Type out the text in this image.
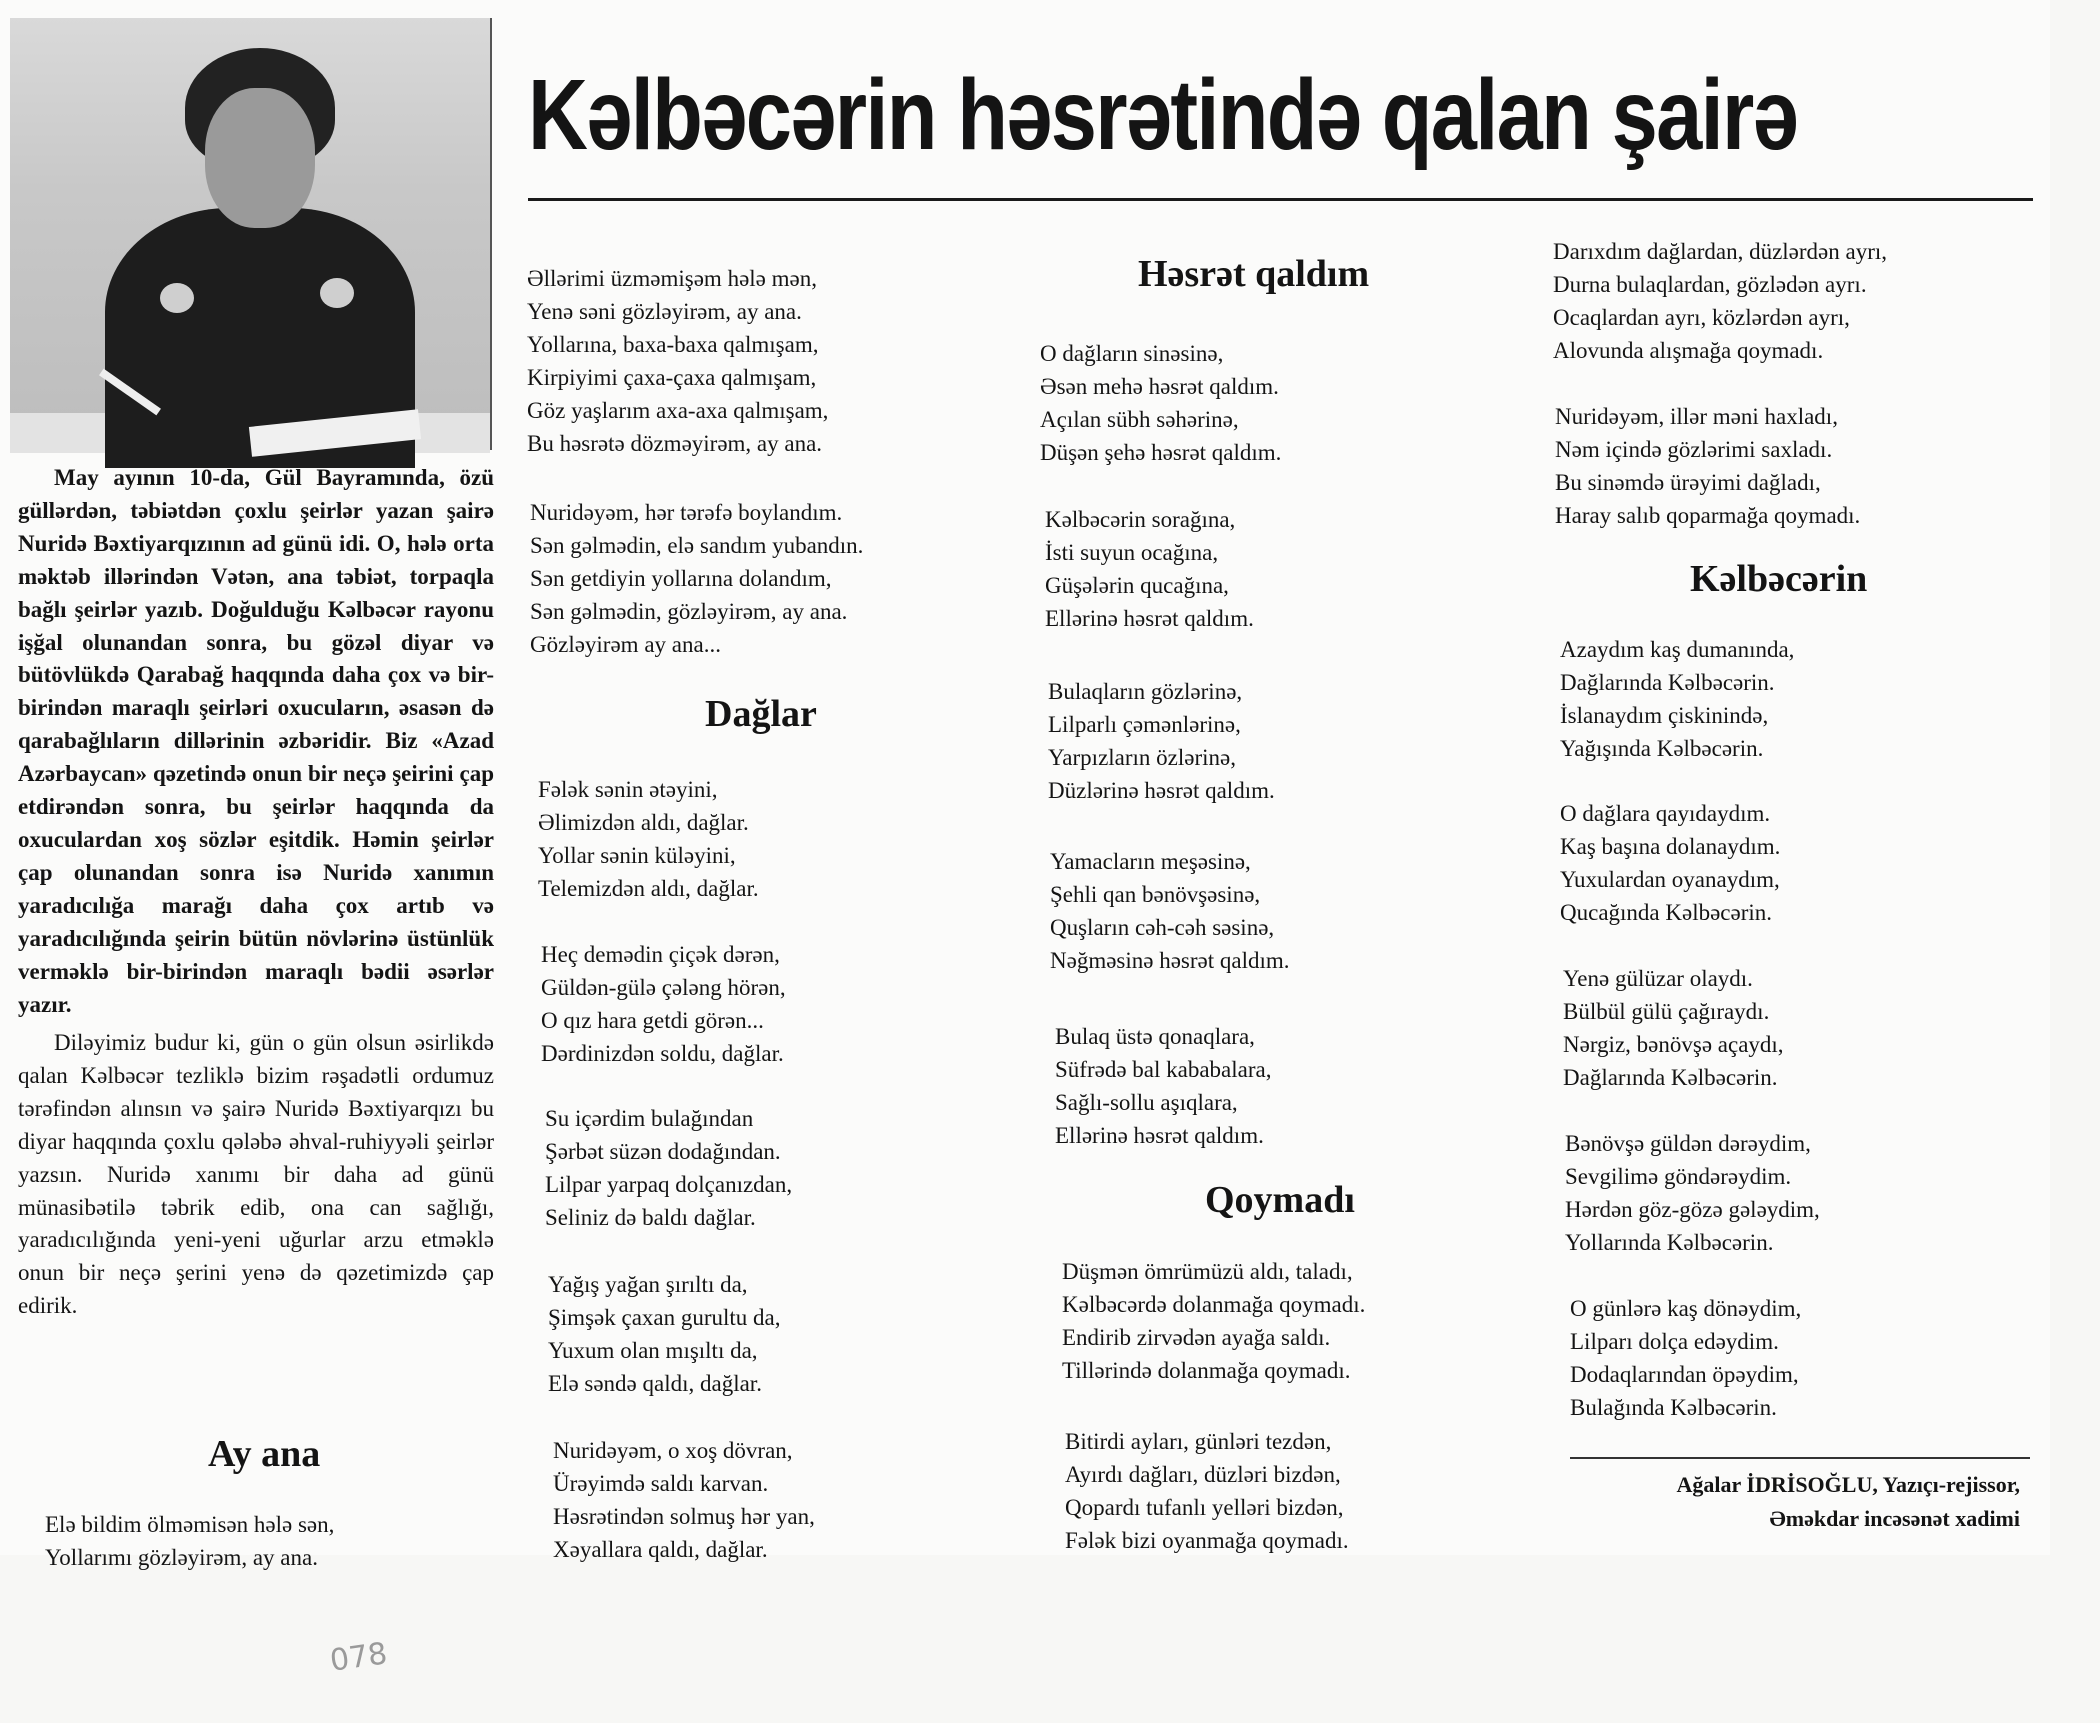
Kəlbəcərin həsrətində qalan şairə

May ayının 10-da, Gül Bayramında, özü güllərdən, təbiətdən çoxlu şeirlər yazan şairə Nuridə Bəxtiyarqızının ad günü idi. O, hələ orta məktəb illərindən Vətən, ana təbiət, torpaqla bağlı şeirlər yazıb. Doğulduğu Kəlbəcər rayonu işğal olunandan sonra, bu gözəl diyar və bütövlükdə Qarabağ haqqında daha çox və bir-birindən maraqlı şeirləri oxucuların, əsasən də qarabağlıların dillərinin əzbəridir. Biz «Azad Azərbaycan» qəzetində onun bir neçə şeirini çap etdirəndən sonra, bu şeirlər haqqında da oxuculardan xoş sözlər eşitdik. Həmin şeirlər çap olunandan sonra isə Nuridə xanımın yaradıcılığa marağı daha çox artıb və yaradıcılığında şeirin bütün növlərinə üstünlük verməklə bir-birindən maraqlı bədii əsərlər yazır.

Diləyimiz budur ki, gün o gün olsun əsirlikdə qalan Kəlbəcər tezliklə bizim rəşadətli ordumuz tərəfindən alınsın və şairə Nuridə Bəxtiyarqızı bu diyar haqqında çoxlu qələbə əhval-ruhiyyəli şeirlər yazsın. Nuridə xanımı bir daha ad günü münasibətilə təbrik edib, ona can sağlığı, yaradıcılığında yeni-yeni uğurlar arzu etməklə onun bir neçə şerini yenə də qəzetimizdə çap edirik.

Ay ana
Elə bildim ölməmisən hələ sən,
Yollarımı gözləyirəm, ay ana.
Əllərimi üzməmişəm hələ mən,
Yenə səni gözləyirəm, ay ana.
Yollarına, baxa-baxa qalmışam,
Kirpiyimi çaxa-çaxa qalmışam,
Göz yaşlarım axa-axa qalmışam,
Bu həsrətə dözməyirəm, ay ana.
Nuridəyəm, hər tərəfə boylandım.
Sən gəlmədin, elə sandım yubandın.
Sən getdiyin yollarına dolandım,
Sən gəlmədin, gözləyirəm, ay ana.
Gözləyirəm ay ana...
Dağlar
Fələk sənin ətəyini,
Əlimizdən aldı, dağlar.
Yollar sənin küləyini,
Telemizdən aldı, dağlar.
Heç demədin çiçək dərən,
Güldən-gülə çələng hörən,
O qız hara getdi görən...
Dərdinizdən soldu, dağlar.
Su içərdim bulağından
Şərbət süzən dodağından.
Lilpar yarpaq dolçanızdan,
Seliniz də baldı dağlar.
Yağış yağan şırıltı da,
Şimşək çaxan gurultu da,
Yuxum olan mışıltı da,
Elə səndə qaldı, dağlar.
Nuridəyəm, o xoş dövran,
Ürəyimdə saldı karvan.
Həsrətindən solmuş hər yan,
Xəyallara qaldı, dağlar.
Həsrət qaldım
O dağların sinəsinə,
Əsən mehə həsrət qaldım.
Açılan sübh səhərinə,
Düşən şehə həsrət qaldım.
Kəlbəcərin sorağına,
İsti suyun ocağına,
Güşələrin qucağına,
Ellərinə həsrət qaldım.
Bulaqların gözlərinə,
Lilparlı çəmənlərinə,
Yarpızların özlərinə,
Düzlərinə həsrət qaldım.
Yamacların meşəsinə,
Şehli qan bənövşəsinə,
Quşların cəh-cəh səsinə,
Nəğməsinə həsrət qaldım.
Bulaq üstə qonaqlara,
Süfrədə bal kababalara,
Sağlı-sollu aşıqlara,
Ellərinə həsrət qaldım.
Qoymadı
Düşmən ömrümüzü aldı, taladı,
Kəlbəcərdə dolanmağa qoymadı.
Endirib zirvədən ayağa saldı.
Tillərində dolanmağa qoymadı.
Bitirdi ayları, günləri tezdən,
Ayırdı dağları, düzləri bizdən,
Qopardı tufanlı yelləri bizdən,
Fələk bizi oyanmağa qoymadı.
Darıxdım dağlardan, düzlərdən ayrı,
Durna bulaqlardan, gözlədən ayrı.
Ocaqlardan ayrı, közlərdən ayrı,
Alovunda alışmağa qoymadı.
Nuridəyəm, illər məni haxladı,
Nəm içində gözlərimi saxladı.
Bu sinəmdə ürəyimi dağladı,
Haray salıb qoparmağa qoymadı.
Kəlbəcərin
Azaydım kaş dumanında,
Dağlarında Kəlbəcərin.
İslanaydım çiskinində,
Yağışında Kəlbəcərin.
O dağlara qayıdaydım.
Kaş başına dolanaydım.
Yuxulardan oyanaydım,
Qucağında Kəlbəcərin.
Yenə gülüzar olaydı.
Bülbül gülü çağıraydı.
Nərgiz, bənövşə açaydı,
Dağlarında Kəlbəcərin.
Bənövşə güldən dərəydim,
Sevgilimə göndərəydim.
Hərdən göz-gözə gələydim,
Yollarında Kəlbəcərin.
O günlərə kaş dönəydim,
Lilparı dolça edəydim.
Dodaqlarından öpəydim,
Bulağında Kəlbəcərin.
Ağalar İDRİSOĞLU, Yazıçı-rejissor,
Əməkdar incəsənət xadimi
078
